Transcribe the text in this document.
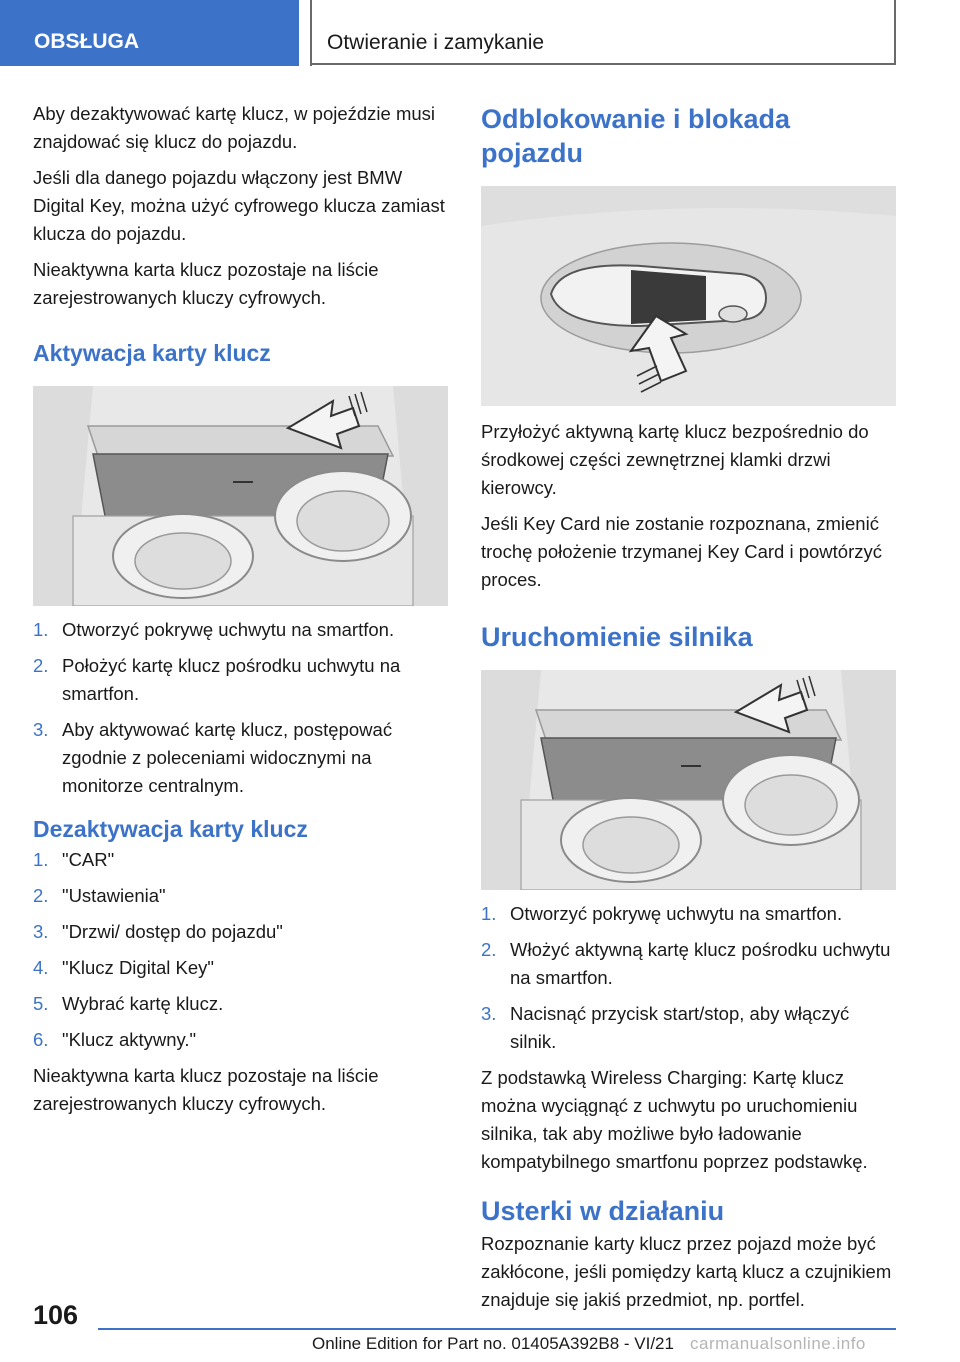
OBSŁUGA	Otwieranie i zamykanie

Aby dezaktywować kartę klucz, w pojeździe musi znajdować się klucz do pojazdu.

Jeśli dla danego pojazdu włączony jest BMW Digital Key, można użyć cyfrowego klucza zamiast klucza do pojazdu.

Nieaktywna karta klucz pozostaje na liście zarejestrowanych kluczy cyfrowych.

Aktywacja karty klucz
1. Otworzyć pokrywę uchwytu na smartfon.
2. Położyć kartę klucz pośrodku uchwytu na smartfon.
3. Aby aktywować kartę klucz, postępować zgodnie z poleceniami widocznymi na monitorze centralnym.
Dezaktywacja karty klucz
1. "CAR"
2. "Ustawienia"
3. "Drzwi/ dostęp do pojazdu"
4. "Klucz Digital Key"
5. Wybrać kartę klucz.
6. "Klucz aktywny."

Nieaktywna karta klucz pozostaje na liście zarejestrowanych kluczy cyfrowych.

Odblokowanie i blokada pojazdu

Przyłożyć aktywną kartę klucz bezpośrednio do środkowej części zewnętrznej klamki drzwi kierowcy.

Jeśli Key Card nie zostanie rozpoznana, zmienić trochę położenie trzymanej Key Card i powtórzyć proces.

Uruchomienie silnika
1. Otworzyć pokrywę uchwytu na smartfon.
2. Włożyć aktywną kartę klucz pośrodku uchwytu na smartfon.
3. Nacisnąć przycisk start/stop, aby włączyć silnik.

Z podstawką Wireless Charging: Kartę klucz można wyciągnąć z uchwytu po uruchomieniu silnika, tak aby możliwe było ładowanie kompatybilnego smartfonu poprzez podstawkę.

Usterki w działaniu

Rozpoznanie karty klucz przez pojazd może być zakłócone, jeśli pomiędzy kartą klucz a czujnikiem znajduje się jakiś przedmiot, np. portfel.

106
Online Edition for Part no. 01405A392B8 - VI/21 carmanualsonline.info
